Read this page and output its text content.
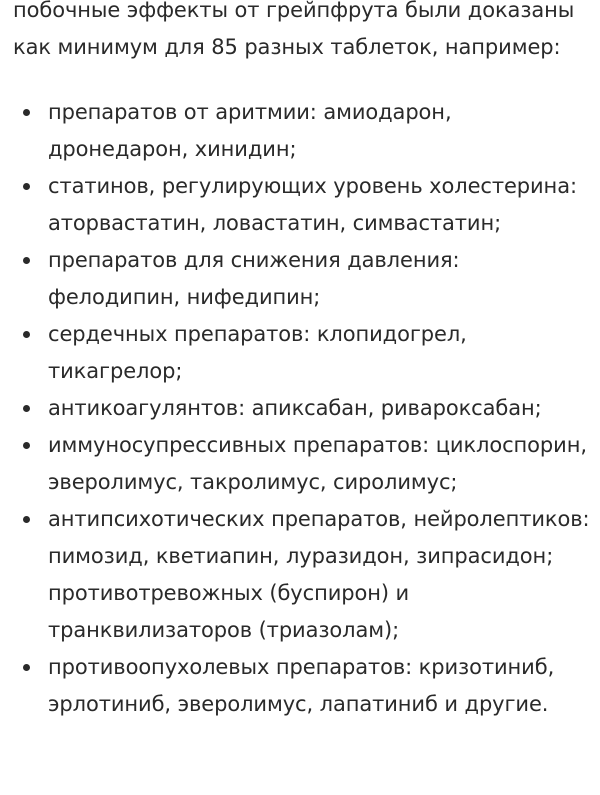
побочные эффекты от грейпфрута были доказаны как минимум для 85 разных таблеток, например:

препаратов от аритмии: амиодарон, дронедарон, хинидин;
статинов, регулирующих уровень холестерина: аторвастатин, ловастатин, симвастатин;
препаратов для снижения давления: фелодипин, нифедипин;
сердечных препаратов: клопидогрел, тикагрелор;
антикоагулянтов: апиксабан, ривароксабан;
иммуносупрессивных препаратов: циклоспорин, эверолимус, такролимус, сиролимус;
антипсихотических препаратов, нейролептиков: пимозид, кветиапин, луразидон, зипрасидон; противотревожных (буспирон) и транквилизаторов (триазолам);
противоопухолевых препаратов: кризотиниб, эрлотиниб, эверолимус, лапатиниб и другие.
